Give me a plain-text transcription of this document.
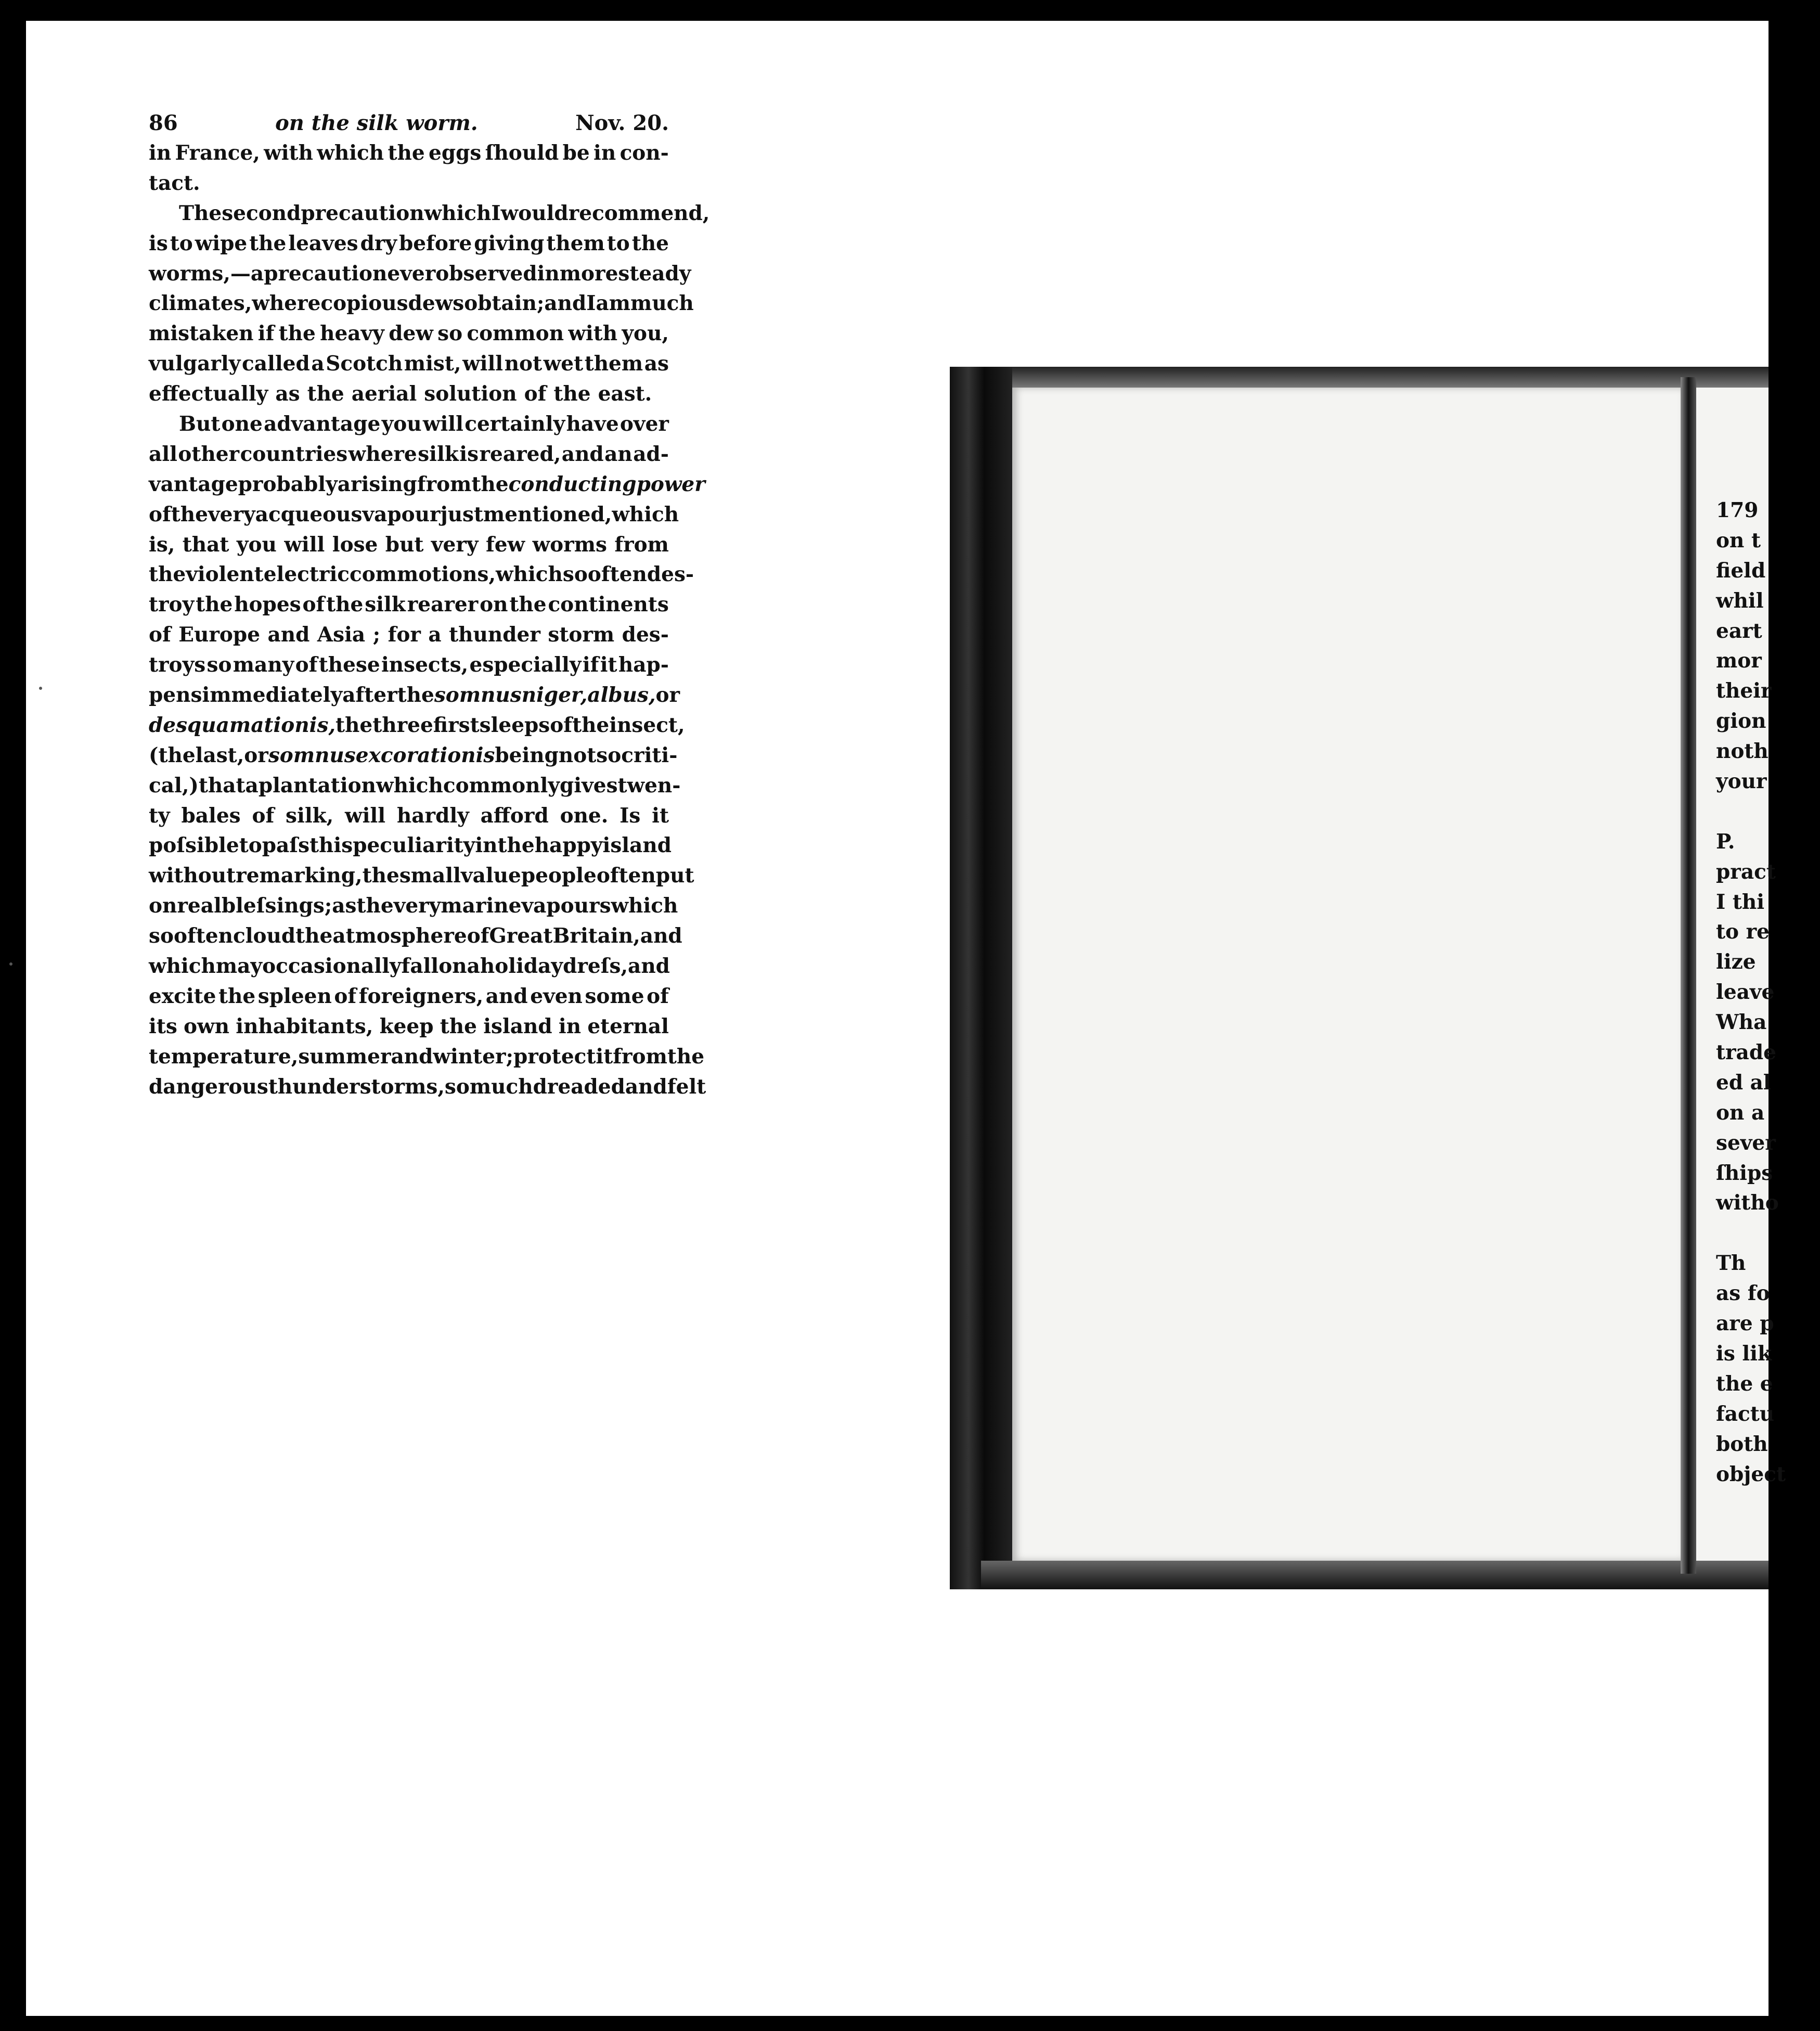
179
on t
field
whil
eart
mor
their
gion
noth
your
P.
pract
I thi
to re
lize
leave
Wha
trade
ed al
on a
sever
ſhips
witho
Th
as fo
are p
is lik
the e
factu
both
object
86	on the silk worm.	Nov. 20.
in France, with which the eggs ſhould be in con-
tact.
The second precaution which I would recommend,
is to wipe the leaves dry before giving them to the
worms,—a precaution ever observed in more steady
climates, where copious dews obtain ; and I am much
mistaken if the heavy dew so common with you,
vulgarly called a Scotch mist, will not wet them as
effectually as the aerial solution of the east.
But one advantage you will certainly have over
all other countries where silk is reared, and an ad-
vantage probably arising from the conducting power
of the very acqueous vapour just mentioned, which
is, that you will lose but very few worms from
the violent electric commotions, which so often des-
troy the hopes of the silk rearer on the continents
of Europe and Asia ; for a thunder storm des-
troys so many of these insects, especially if it hap-
pens immediately after the somnus niger, albus, or
desquamationis, the three first sleeps of the insect,
(the last, or somnus excorationis being not so criti-
cal,) that a plantation which commonly gives twen-
ty bales of silk, will hardly afford one. Is it
poſsible to paſs this peculiarity in the happy island
without remarking, the small value people often put
on real bleſsings ; as the very marine vapours which
so often cloud the atmosphere of Great Britain, and
which may occasionally fall on a holiday dreſs, and
excite the spleen of foreigners, and even some of
its own inhabitants, keep the island in eternal
temperature, summer and winter ; protect it from the
dangerous thunder storms, so much dreaded and felt
